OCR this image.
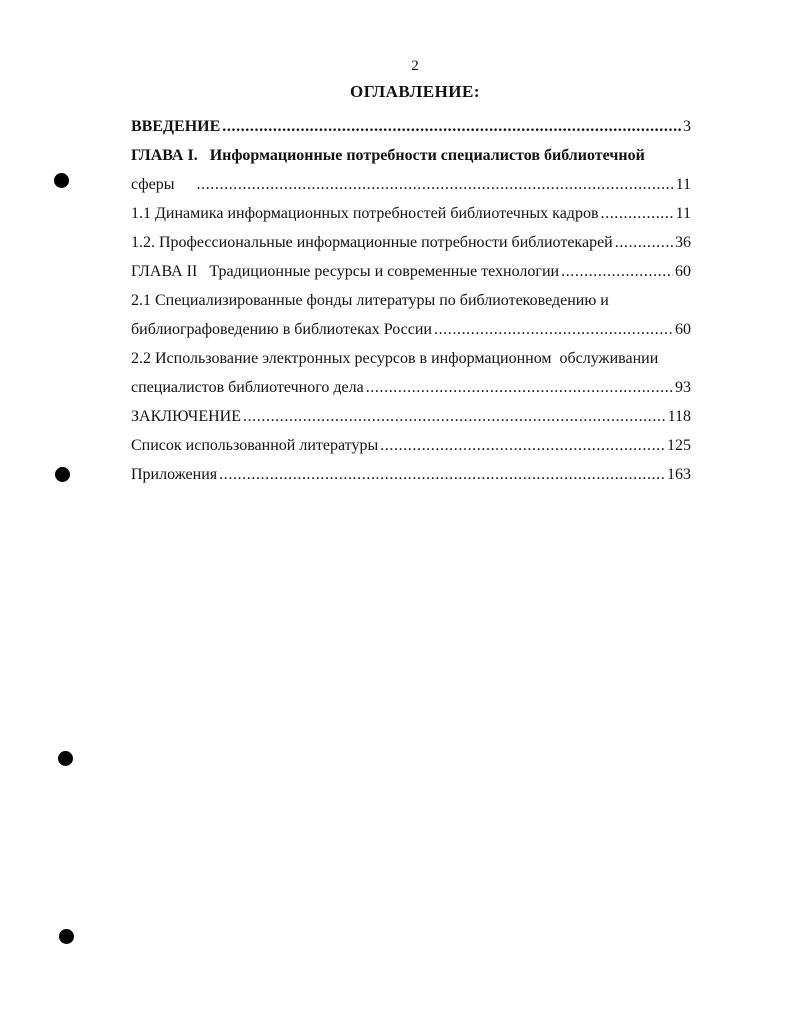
2
ОГЛАВЛЕНИЕ:
ВВЕДЕНИЕ .....	3
ГЛАВА I.   Информационные потребности специалистов библиотечной
сферы .....	11
1.1 Динамика информационных потребностей библиотечных кадров .....	11
1.2. Профессиональные информационные потребности библиотекарей .....	36
ГЛАВА II   Традиционные ресурсы и современные технологии .....	60
2.1 Специализированные фонды литературы по библиотековедению и
библиографоведению в библиотеках России .....	60
2.2 Использование электронных ресурсов в информационном  обслуживании
специалистов библиотечного дела .....	93
ЗАКЛЮЧЕНИЕ .....	118
Список использованной литературы .....	125
Приложения .....	163
